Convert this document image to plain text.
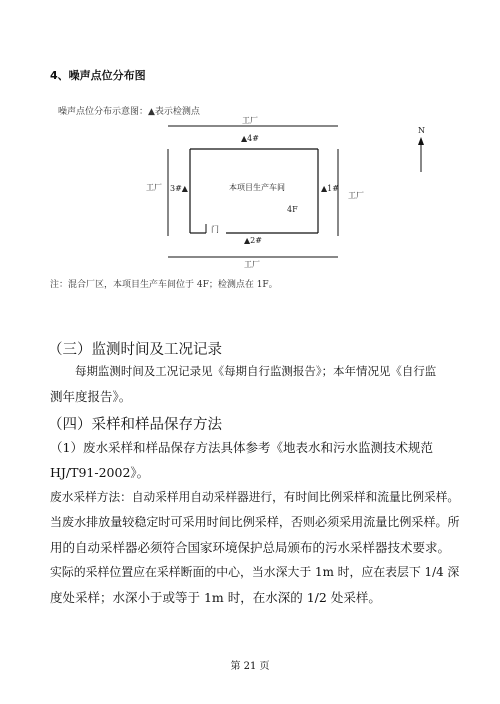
4、噪声点位分布图
噪声点位分布示意图：▲表示检测点
工厂
▲4#
工厂 3#▲	本项目生产车间	▲1#
工厂
4F
门
▲2#
工厂
N
注：混合厂区，本项目生产车间位于 4F；检测点在 1F。
（三）监测时间及工况记录

每期监测时间及工况记录见《每期自行监测报告》；本年情况见《自行监

测年度报告》。

（四）采样和样品保存方法

（1）废水采样和样品保存方法具体参考《地表水和污水监测技术规范

HJ/T91-2002》。

废水采样方法：自动采样用自动采样器进行，有时间比例采样和流量比例采样。

当废水排放量较稳定时可采用时间比例采样，否则必须采用流量比例采样。所

用的自动采样器必须符合国家环境保护总局颁布的污水采样器技术要求。

实际的采样位置应在采样断面的中心，当水深大于 1m 时，应在表层下 1/4 深

度处采样；水深小于或等于 1m 时，在水深的 1/2 处采样。

第 21 页
